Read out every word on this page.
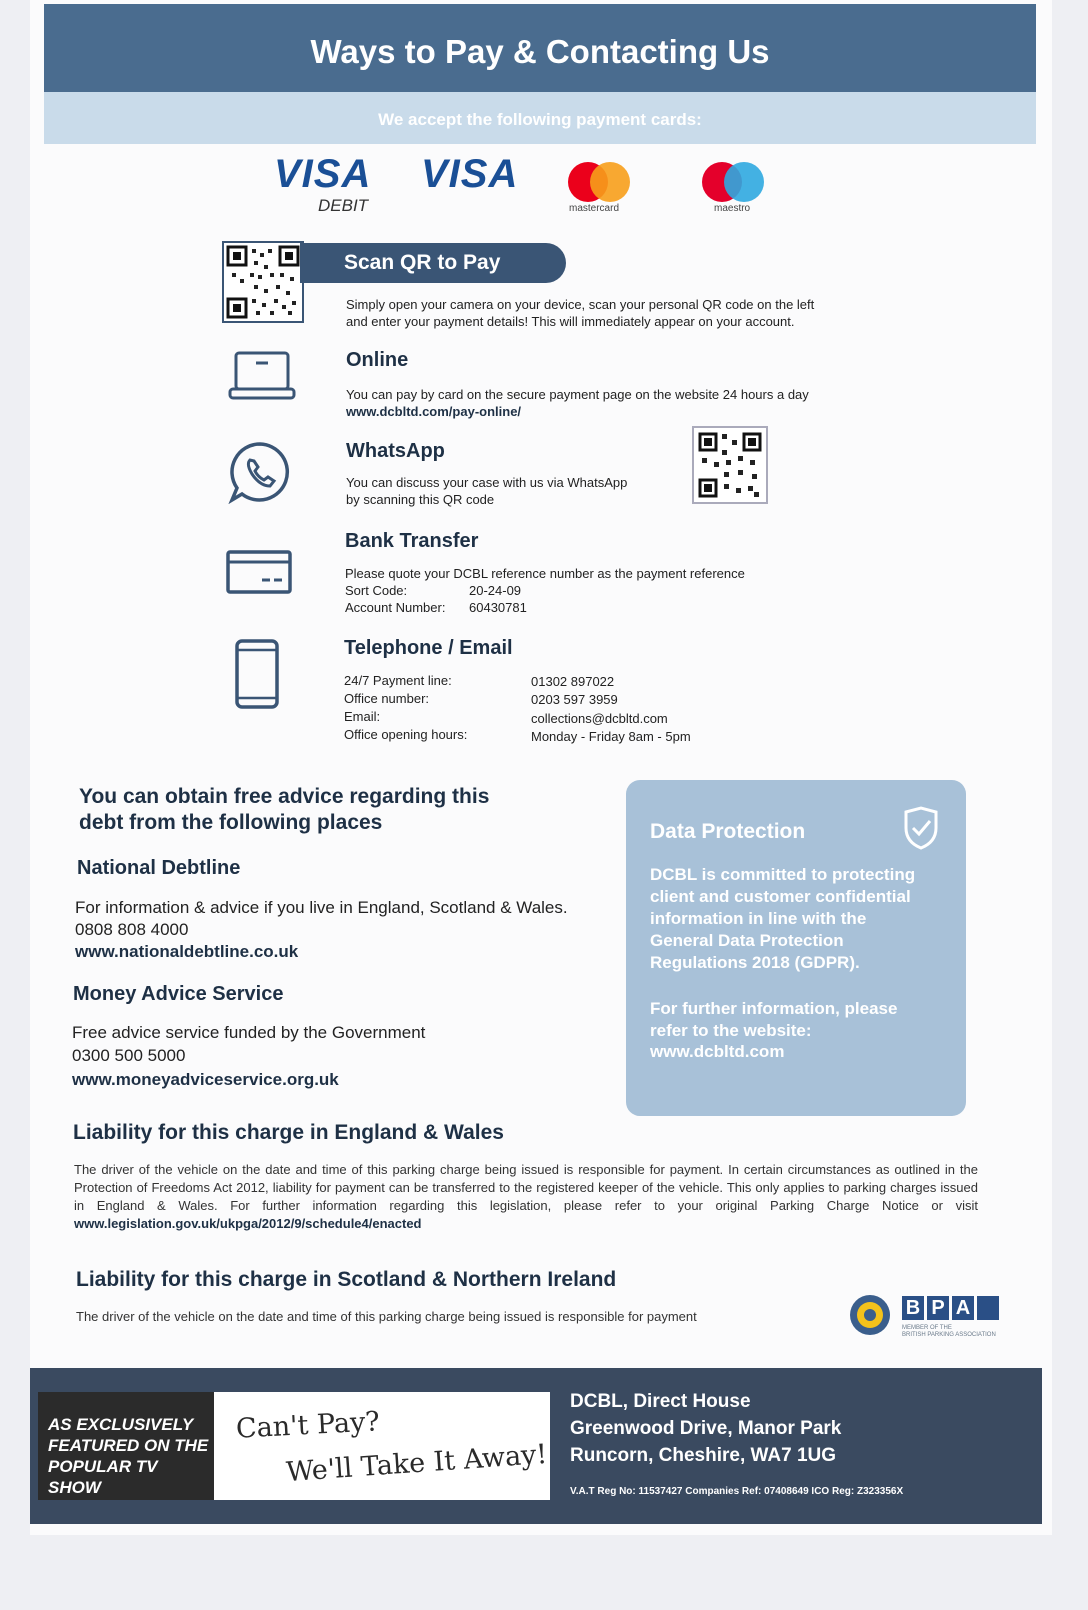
Ways to Pay & Contacting Us
We accept the following payment cards:
VISA
DEBIT
VISA
mastercard	maestro
Scan QR to Pay
Simply open your camera on your device, scan your personal QR code on the left
and enter your payment details! This will immediately appear on your account.
Online
You can pay by card on the secure payment page on the website 24 hours a day
www.dcbltd.com/pay-online/
WhatsApp
You can discuss your case with us via WhatsApp
by scanning this QR code
Bank Transfer
Please quote your DCBL reference number as the payment reference
Sort Code:	20-24-09
Account Number: 60430781
Telephone / Email
24/7 Payment line:	01302 897022
Office number:	0203 597 3959
Email:	collections@dcbltd.com
Office opening hours:	Monday - Friday 8am - 5pm
You can obtain free advice regarding this
debt from the following places
National Debtline
For information & advice if you live in England, Scotland & Wales.
0808 808 4000
www.nationaldebtline.co.uk
Money Advice Service
Free advice service funded by the Government
0300 500 5000
www.moneyadviceservice.org.uk
Data Protection
DCBL is committed to protecting client and customer confidential information in line with the General Data Protection Regulations 2018 (GDPR).
For further information, please refer to the website:
www.dcbltd.com
Liability for this charge in England & Wales
The driver of the vehicle on the date and time of this parking charge being issued is responsible for payment. In certain circumstances as outlined in the Protection of Freedoms Act 2012, liability for payment can be transferred to the registered keeper of the vehicle. This only applies to parking charges issued in England & Wales. For further information regarding this legislation, please refer to your original Parking Charge Notice or visit www.legislation.gov.uk/ukpga/2012/9/schedule4/enacted
Liability for this charge in Scotland & Northern Ireland
The driver of the vehicle on the date and time of this parking charge being issued is responsible for payment	B P A
MEMBER OF THE
BRITISH PARKING ASSOCIATION
AS EXCLUSIVELY
FEATURED ON THE
POPULAR TV SHOW
Can't Pay?
We'll Take It Away!
DCBL, Direct House
Greenwood Drive, Manor Park
Runcorn, Cheshire, WA7 1UG
V.A.T Reg No: 11537427 Companies Ref: 07408649 ICO Reg: Z323356X
